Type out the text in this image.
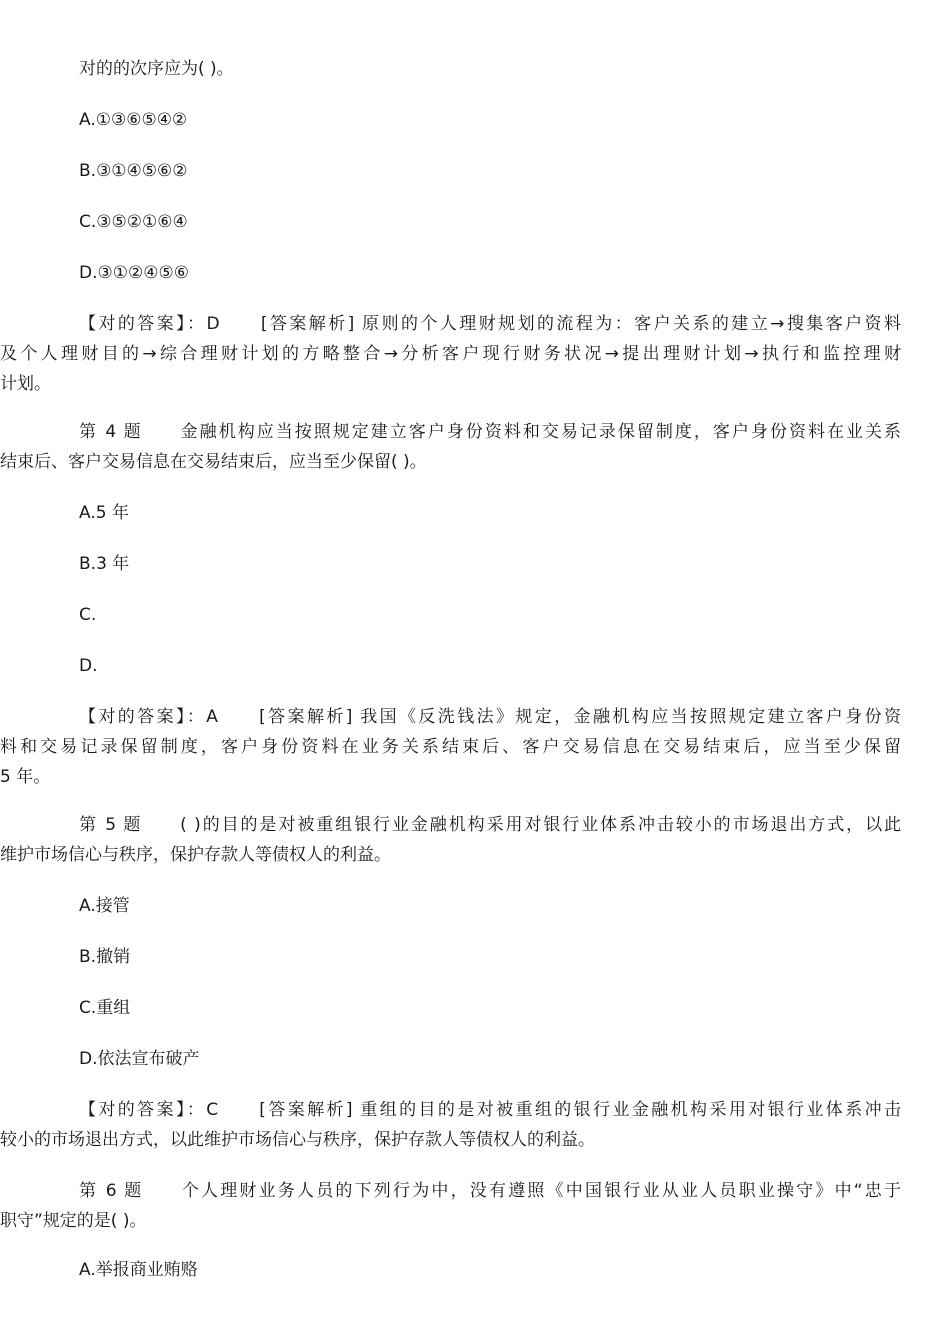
对的的次序应为( )。
A.①③⑥⑤④②
B.③①④⑤⑥②
C.③⑤②①⑥④
D.③①②④⑤⑥
【对的答案】：D　　[答案解析] 原则的个人理财规划的流程为：客户关系的建立→搜集客户资料
及个人理财目的→综合理财计划的方略整合→分析客户现行财务状况→提出理财计划→执行和监控理财
计划。
第 4 题　　金融机构应当按照规定建立客户身份资料和交易记录保留制度，客户身份资料在业关系
结束后、客户交易信息在交易结束后，应当至少保留( )。
A.5 年
B.3 年
C.
D.
【对的答案】：A　　[答案解析] 我国《反洗钱法》规定，金融机构应当按照规定建立客户身份资
料和交易记录保留制度，客户身份资料在业务关系结束后、客户交易信息在交易结束后，应当至少保留
5 年。
第 5 题　　( )的目的是对被重组银行业金融机构采用对银行业体系冲击较小的市场退出方式，以此
维护市场信心与秩序，保护存款人等债权人的利益。
A.接管
B.撤销
C.重组
D.依法宣布破产
【对的答案】：C　　[答案解析] 重组的目的是对被重组的银行业金融机构采用对银行业体系冲击
较小的市场退出方式，以此维护市场信心与秩序，保护存款人等债权人的利益。
第 6 题　　个人理财业务人员的下列行为中，没有遵照《中国银行业从业人员职业操守》中“忠于
职守”规定的是( )。
A.举报商业贿赂
